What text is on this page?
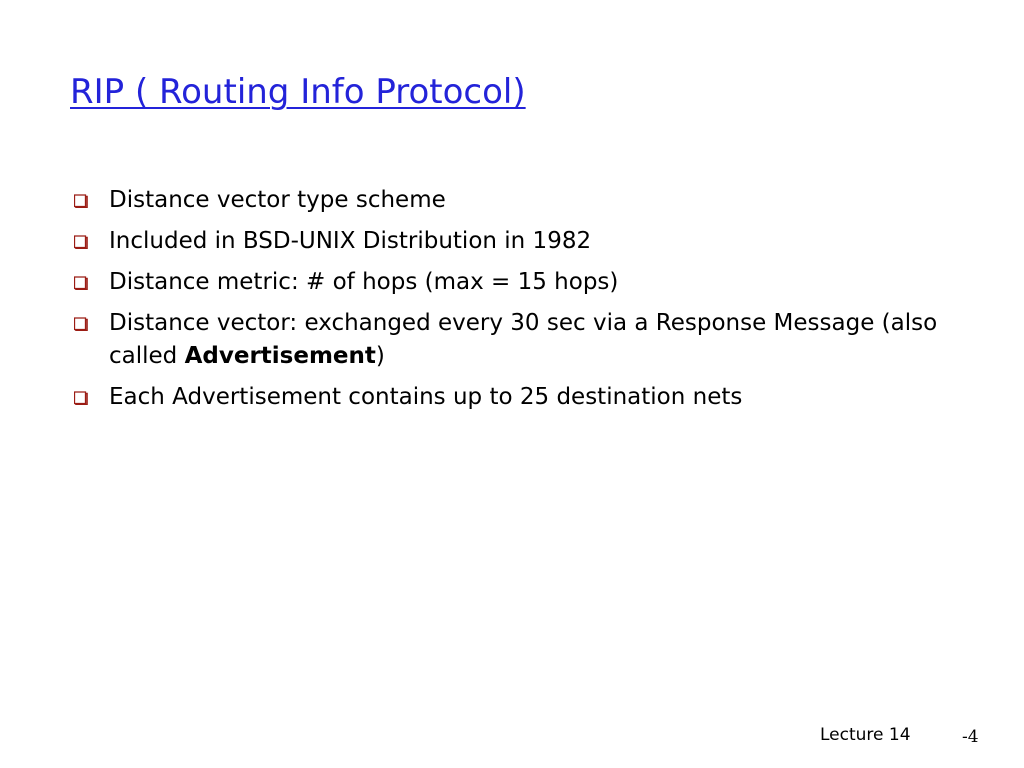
RIP ( Routing Info Protocol)
Distance vector type scheme
Included in BSD-UNIX Distribution in 1982
Distance metric: # of hops (max = 15 hops)
Distance vector: exchanged every 30 sec via a Response Message (also called Advertisement)
Each Advertisement contains up to 25 destination nets
Lecture 14	-4
